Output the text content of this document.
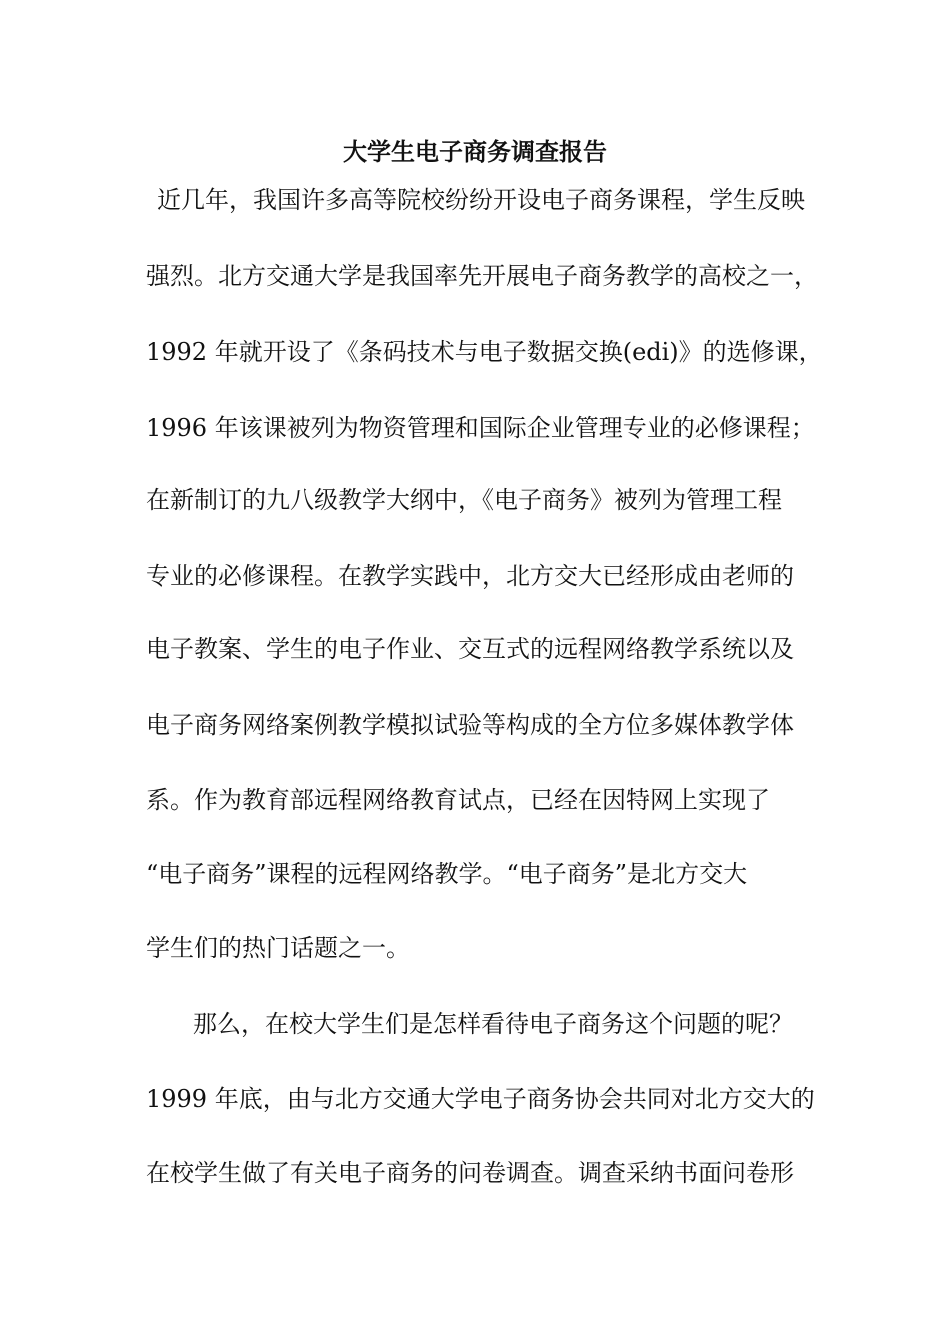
大学生电子商务调查报告
近几年，我国许多高等院校纷纷开设电子商务课程，学生反映
强烈。北方交通大学是我国率先开展电子商务教学的高校之一，
1992 年就开设了《条码技术与电子数据交换(edi)》的选修课，
1996 年该课被列为物资管理和国际企业管理专业的必修课程；
在新制订的九八级教学大纲中，《电子商务》被列为管理工程
专业的必修课程。在教学实践中，北方交大已经形成由老师的
电子教案、学生的电子作业、交互式的远程网络教学系统以及
电子商务网络案例教学模拟试验等构成的全方位多媒体教学体
系。作为教育部远程网络教育试点，已经在因特网上实现了
“电子商务”课程的远程网络教学。“电子商务”是北方交大
学生们的热门话题之一。
那么，在校大学生们是怎样看待电子商务这个问题的呢？
1999 年底，由与北方交通大学电子商务协会共同对北方交大的
在校学生做了有关电子商务的问卷调查。调查采纳书面问卷形
